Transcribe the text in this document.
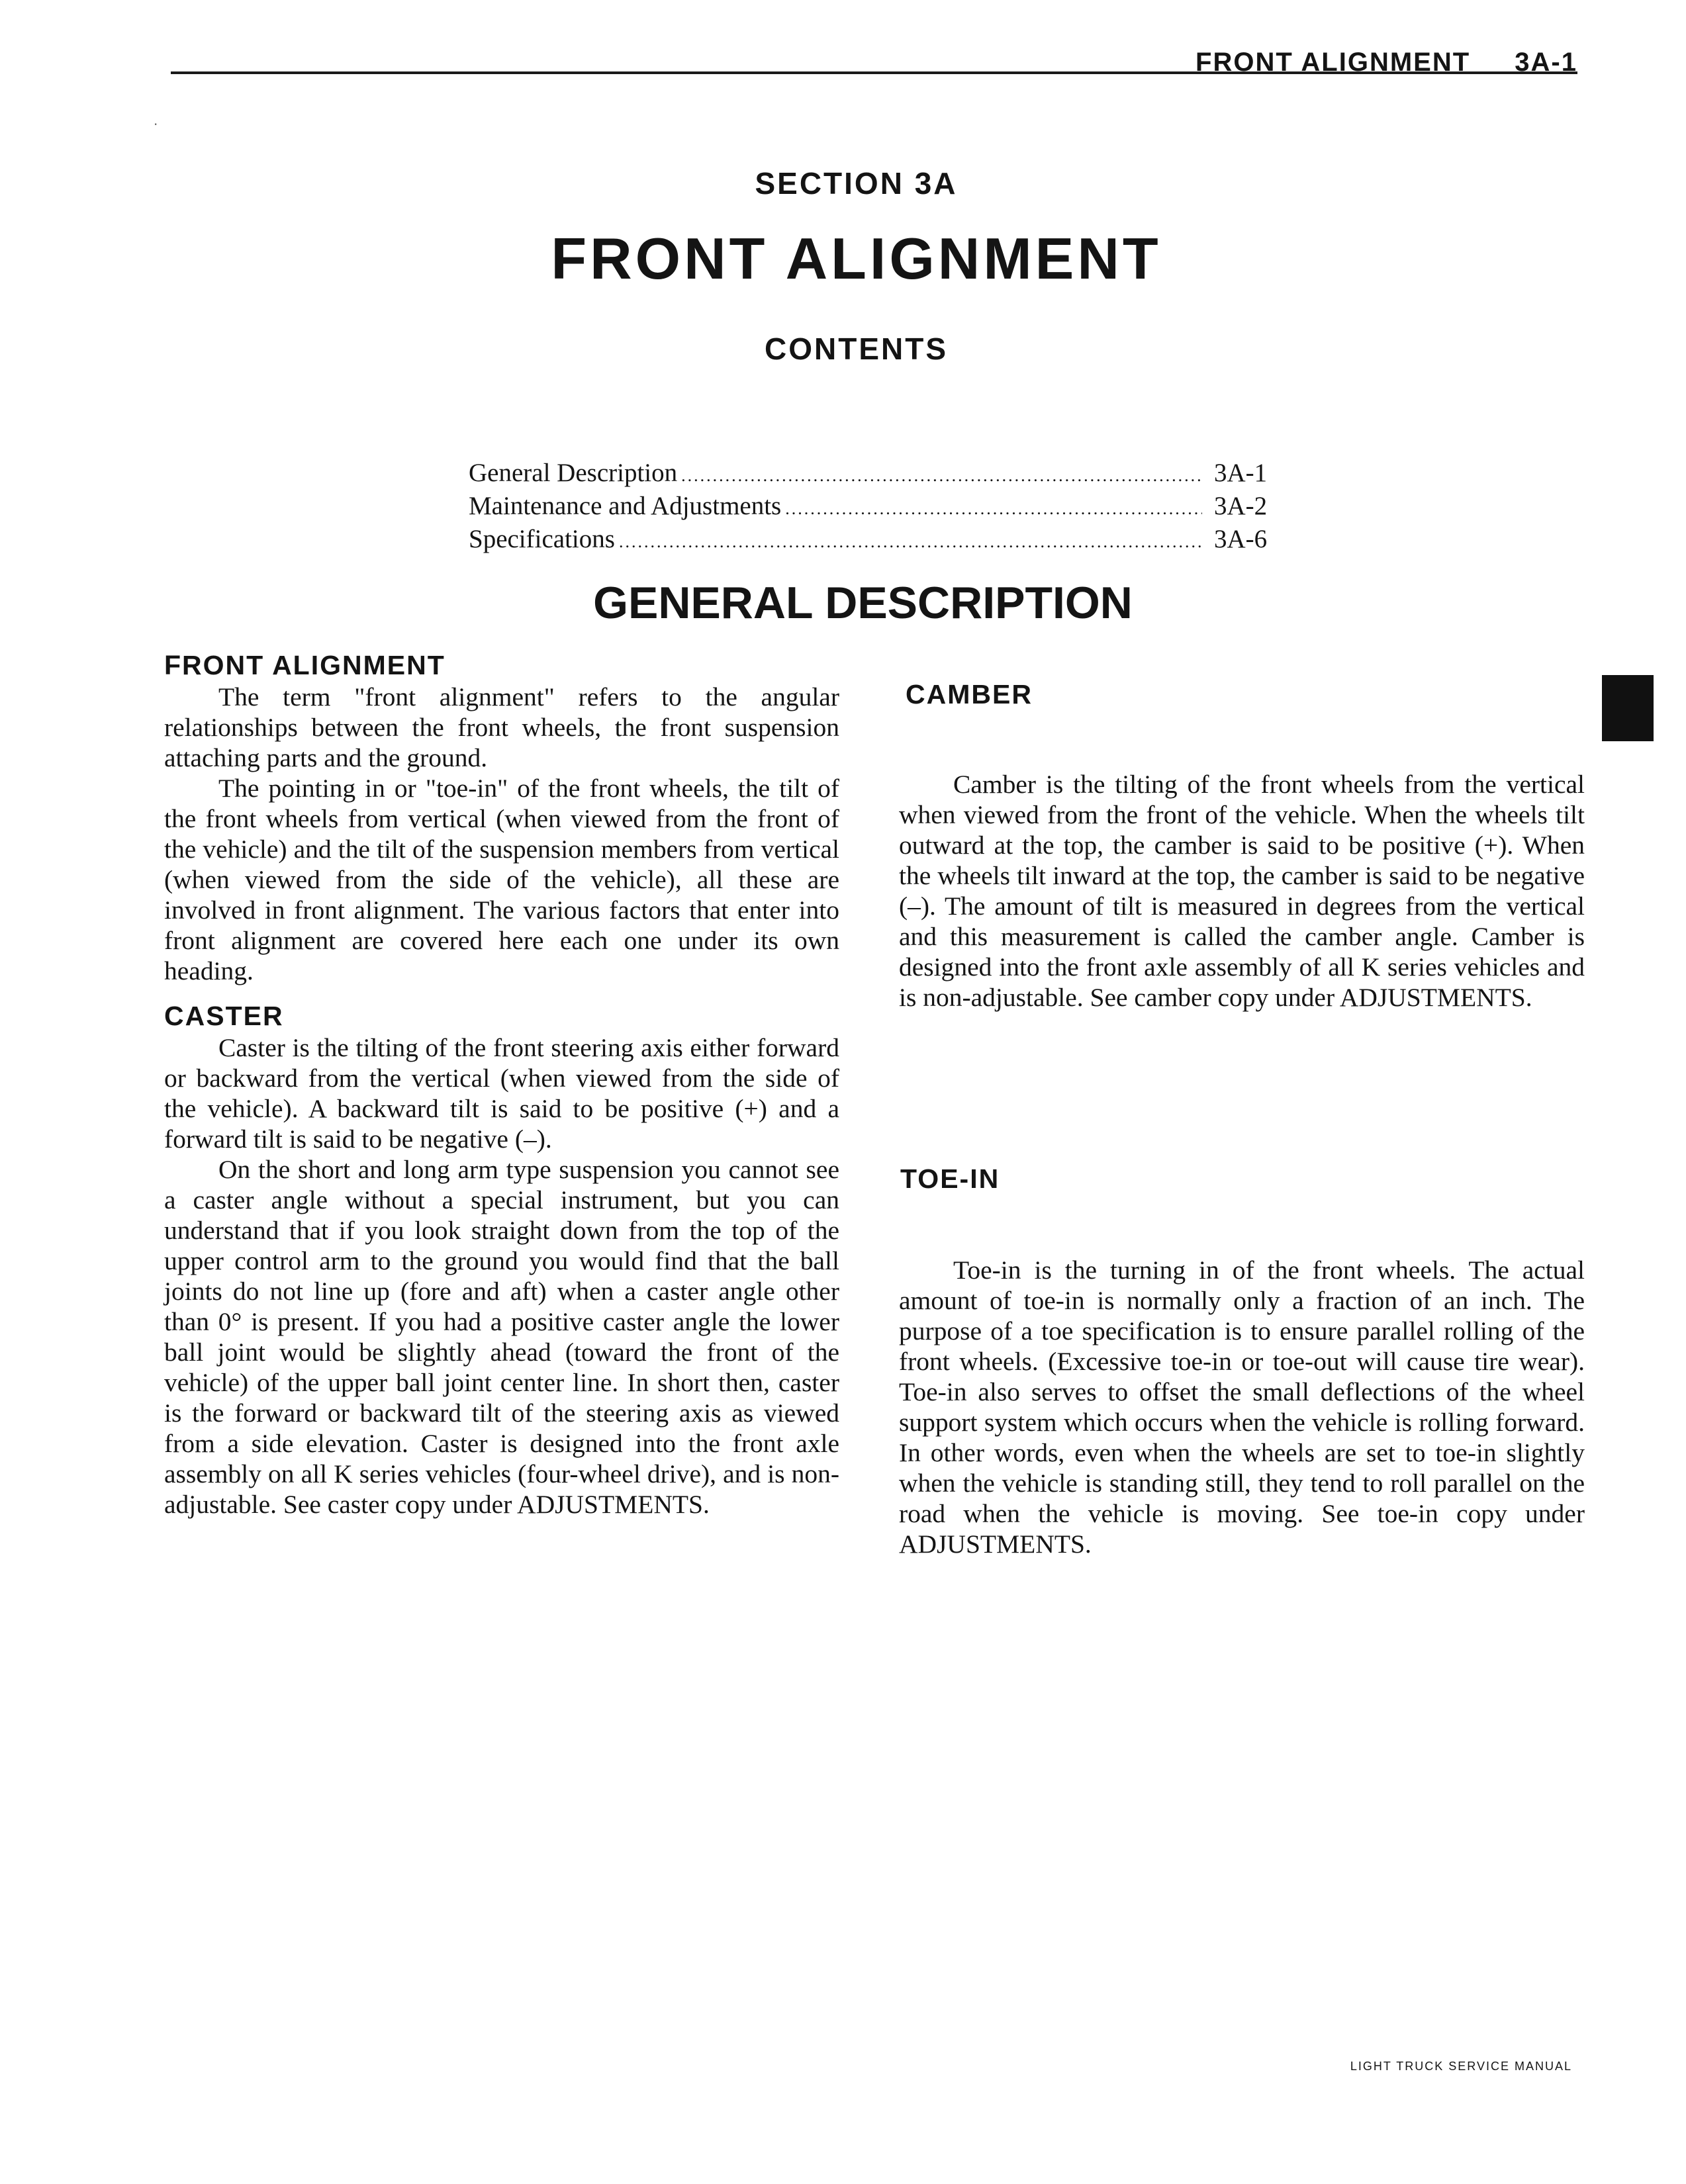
FRONT ALIGNMENT 3A-1
·
SECTION 3A
FRONT ALIGNMENT
CONTENTS
General Description .....	3A-1
Maintenance and Adjustments .....	3A-2
Specifications .....	3A-6
GENERAL DESCRIPTION
FRONT ALIGNMENT

The term "front alignment" refers to the angular relationships between the front wheels, the front suspension attaching parts and the ground.

The pointing in or "toe-in" of the front wheels, the tilt of the front wheels from vertical (when viewed from the front of the vehicle) and the tilt of the suspension members from vertical (when viewed from the side of the vehicle), all these are involved in front alignment. The various factors that enter into front alignment are covered here each one under its own heading.

CASTER

Caster is the tilting of the front steering axis either forward or backward from the vertical (when viewed from the side of the vehicle). A backward tilt is said to be positive (+) and a forward tilt is said to be negative (–).

On the short and long arm type suspension you cannot see a caster angle without a special instrument, but you can understand that if you look straight down from the top of the upper control arm to the ground you would find that the ball joints do not line up (fore and aft) when a caster angle other than 0° is present. If you had a positive caster angle the lower ball joint would be slightly ahead (toward the front of the vehicle) of the upper ball joint center line. In short then, caster is the forward or backward tilt of the steering axis as viewed from a side elevation. Caster is designed into the front axle assembly on all K series vehicles (four-wheel drive), and is non-adjustable. See caster copy under ADJUSTMENTS.

CAMBER

Camber is the tilting of the front wheels from the vertical when viewed from the front of the vehicle. When the wheels tilt outward at the top, the camber is said to be positive (+). When the wheels tilt inward at the top, the camber is said to be negative (–). The amount of tilt is measured in degrees from the vertical and this measurement is called the camber angle. Camber is designed into the front axle assembly of all K series vehicles and is non-adjustable. See camber copy under ADJUSTMENTS.

TOE-IN

Toe-in is the turning in of the front wheels. The actual amount of toe-in is normally only a fraction of an inch. The purpose of a toe specification is to ensure parallel rolling of the front wheels. (Excessive toe-in or toe-out will cause tire wear). Toe-in also serves to offset the small deflections of the wheel support system which occurs when the vehicle is rolling forward. In other words, even when the wheels are set to toe-in slightly when the vehicle is standing still, they tend to roll parallel on the road when the vehicle is moving. See toe-in copy under ADJUSTMENTS.

LIGHT TRUCK SERVICE MANUAL
